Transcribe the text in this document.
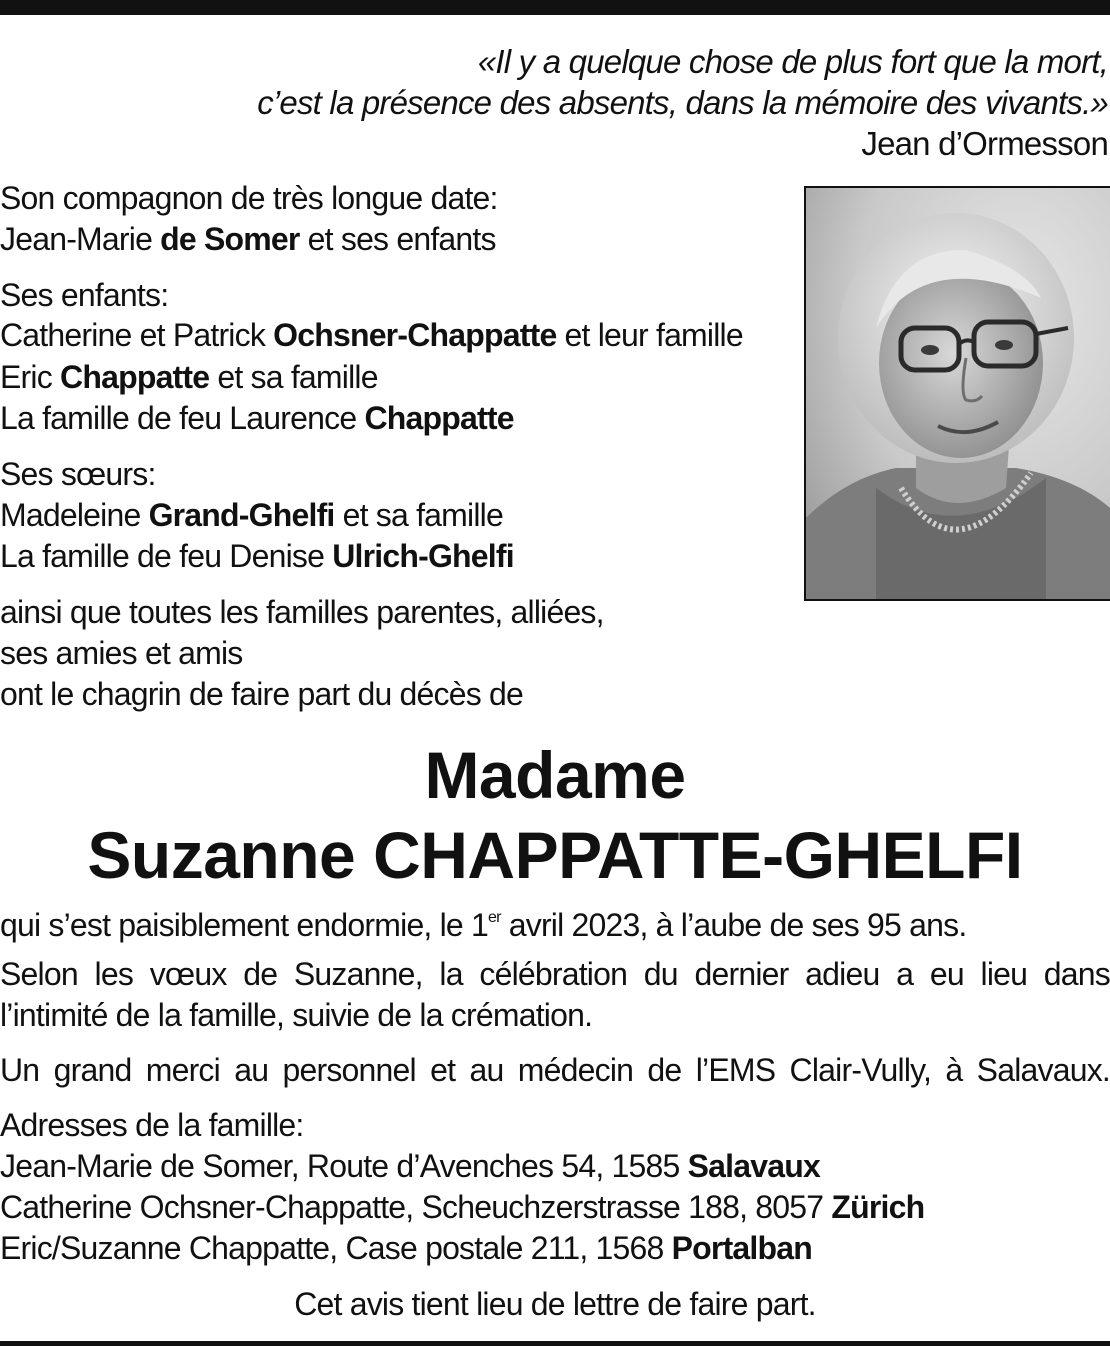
«Il y a quelque chose de plus fort que la mort,
c’est la présence des absents, dans la mémoire des vivants.»
Jean d’Ormesson
Son compagnon de très longue date:
Jean-Marie de Somer et ses enfants
Ses enfants:
Catherine et Patrick Ochsner-Chappatte et leur famille
Eric Chappatte et sa famille
La famille de feu Laurence Chappatte
Ses sœurs:
Madeleine Grand-Ghelfi et sa famille
La famille de feu Denise Ulrich-Ghelfi
ainsi que toutes les familles parentes, alliées,
ses amies et amis
ont le chagrin de faire part du décès de
Madame
Suzanne CHAPPATTE-GHELFI
qui s’est paisiblement endormie, le 1er avril 2023, à l’aube de ses 95 ans.
Selon les vœux de Suzanne, la célébration du dernier adieu a eu lieu dans
l’intimité de la famille, suivie de la crémation.
Un grand merci au personnel et au médecin de l’EMS Clair-Vully, à Salavaux.
Adresses de la famille:
Jean-Marie de Somer, Route d’Avenches 54, 1585 Salavaux
Catherine Ochsner-Chappatte, Scheuchzerstrasse 188, 8057 Zürich
Eric/Suzanne Chappatte, Case postale 211, 1568 Portalban
Cet avis tient lieu de lettre de faire part.
